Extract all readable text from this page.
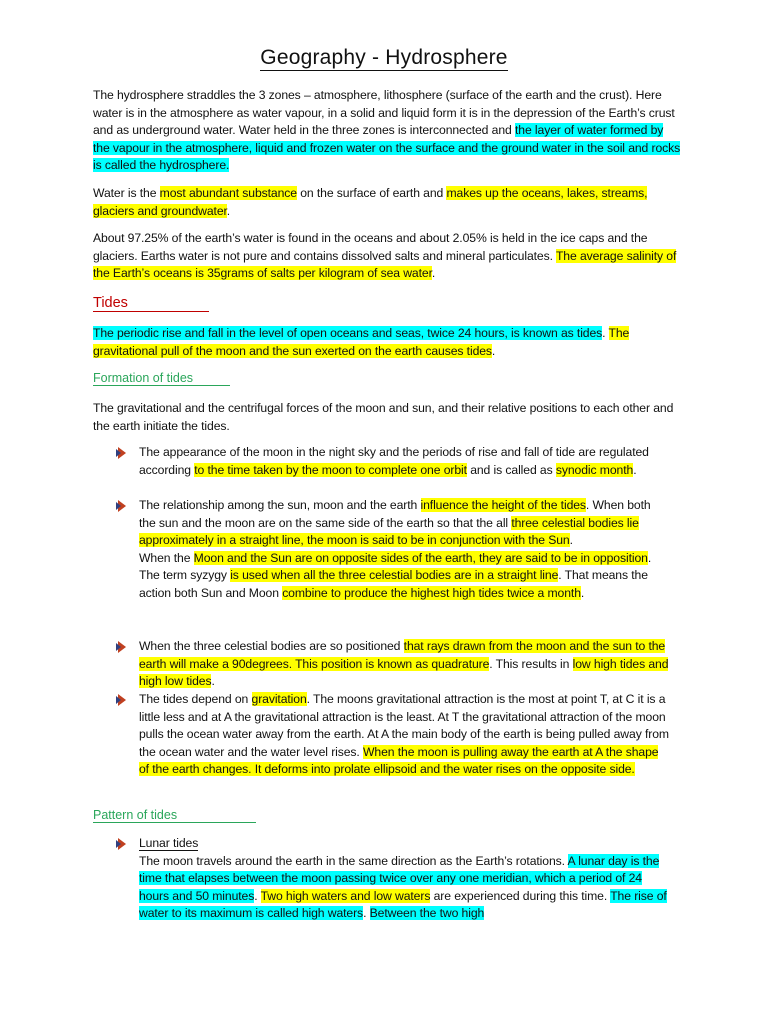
Geography - Hydrosphere
The hydrosphere straddles the 3 zones – atmosphere, lithosphere (surface of the earth and the crust). Here water is in the atmosphere as water vapour, in a solid and liquid form it is in the depression of the Earth’s crust and as underground water. Water held in the three zones is interconnected and the layer of water formed by the vapour in the atmosphere, liquid and frozen water on the surface and the ground water in the soil and rocks is called the hydrosphere.
Water is the most abundant substance on the surface of earth and makes up the oceans, lakes, streams, glaciers and groundwater.
About 97.25% of the earth’s water is found in the oceans and about 2.05% is held in the ice caps and the glaciers. Earths water is not pure and contains dissolved salts and mineral particulates. The average salinity of the Earth’s oceans is 35grams of salts per kilogram of sea water.
Tides
The periodic rise and fall in the level of open oceans and seas, twice 24 hours, is known as tides. The gravitational pull of the moon and the sun exerted on the earth causes tides.
Formation of tides
The gravitational and the centrifugal forces of the moon and sun, and their relative positions to each other and the earth initiate the tides.
The appearance of the moon in the night sky and the periods of rise and fall of tide are regulated according to the time taken by the moon to complete one orbit and is called as synodic month.
The relationship among the sun, moon and the earth influence the height of the tides. When both the sun and the moon are on the same side of the earth so that the all three celestial bodies lie approximately in a straight line, the moon is said to be in conjunction with the Sun.
When the Moon and the Sun are on opposite sides of the earth, they are said to be in opposition.
The term syzygy is used when all the three celestial bodies are in a straight line. That means the action both Sun and Moon combine to produce the highest high tides twice a month.
When the three celestial bodies are so positioned that rays drawn from the moon and the sun to the earth will make a 90degrees. This position is known as quadrature. This results in low high tides and high low tides.
The tides depend on gravitation. The moons gravitational attraction is the most at point T, at C it is a little less and at A the gravitational attraction is the least. At T the gravitational attraction of the moon pulls the ocean water away from the earth. At A the main body of the earth is being pulled away from the ocean water and the water level rises. When the moon is pulling away the earth at A the shape of the earth changes. It deforms into prolate ellipsoid and the water rises on the opposite side.
Pattern of tides
Lunar tides
The moon travels around the earth in the same direction as the Earth’s rotations. A lunar day is the time that elapses between the moon passing twice over any one meridian, which a period of 24 hours and 50 minutes. Two high waters and low waters are experienced during this time. The rise of water to its maximum is called high waters. Between the two high
